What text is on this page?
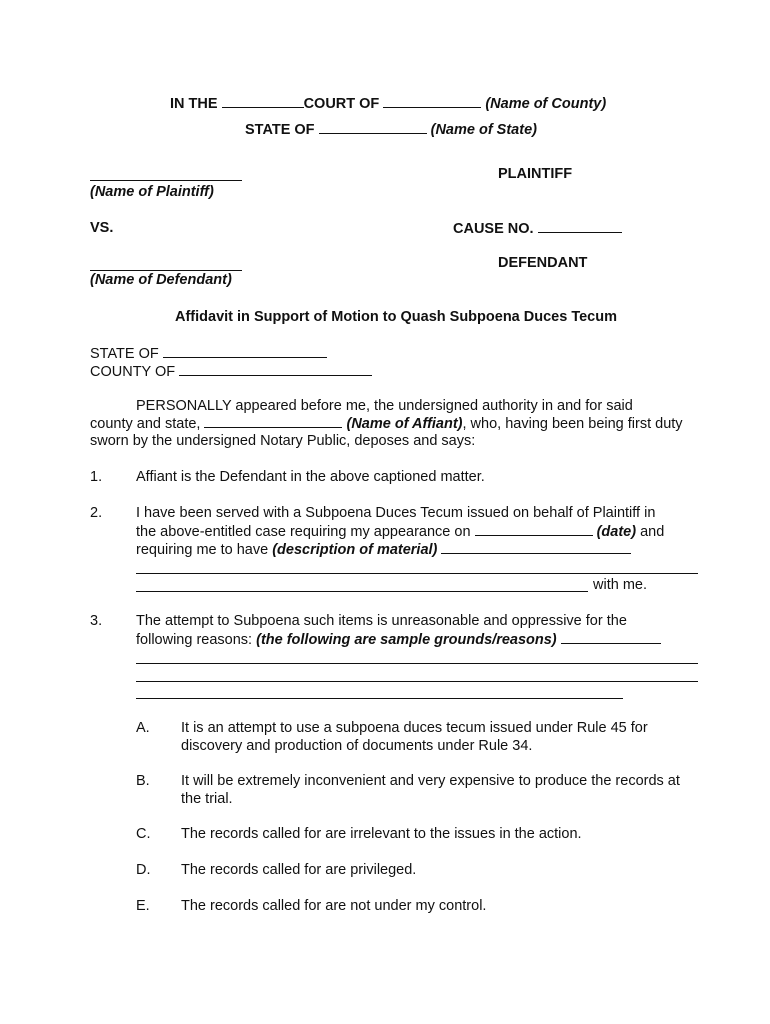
IN THE	COURT OF	(Name of County)
STATE OF	(Name of State)
(Name of Plaintiff)
PLAINTIFF
VS.	CAUSE NO.
(Name of Defendant)
DEFENDANT
Affidavit in Support of Motion to Quash Subpoena Duces Tecum
STATE OF
COUNTY OF
PERSONALLY appeared before me, the undersigned authority in and for said
county and state,	(Name of Affiant), who, having been being first duty
sworn by the undersigned Notary Public, deposes and says:
1. Affiant is the Defendant in the above captioned matter.
2. I have been served with a Subpoena Duces Tecum issued on behalf of Plaintiff in
the above-entitled case requiring my appearance on	(date) and
requiring me to have (description of material)
with me.
3. The attempt to Subpoena such items is unreasonable and oppressive for the
following reasons: (the following are sample grounds/reasons)
A. It is an attempt to use a subpoena duces tecum issued under Rule 45 for
discovery and production of documents under Rule 34.
B. It will be extremely inconvenient and very expensive to produce the records at
the trial.
C. The records called for are irrelevant to the issues in the action.
D. The records called for are privileged.
E. The records called for are not under my control.
